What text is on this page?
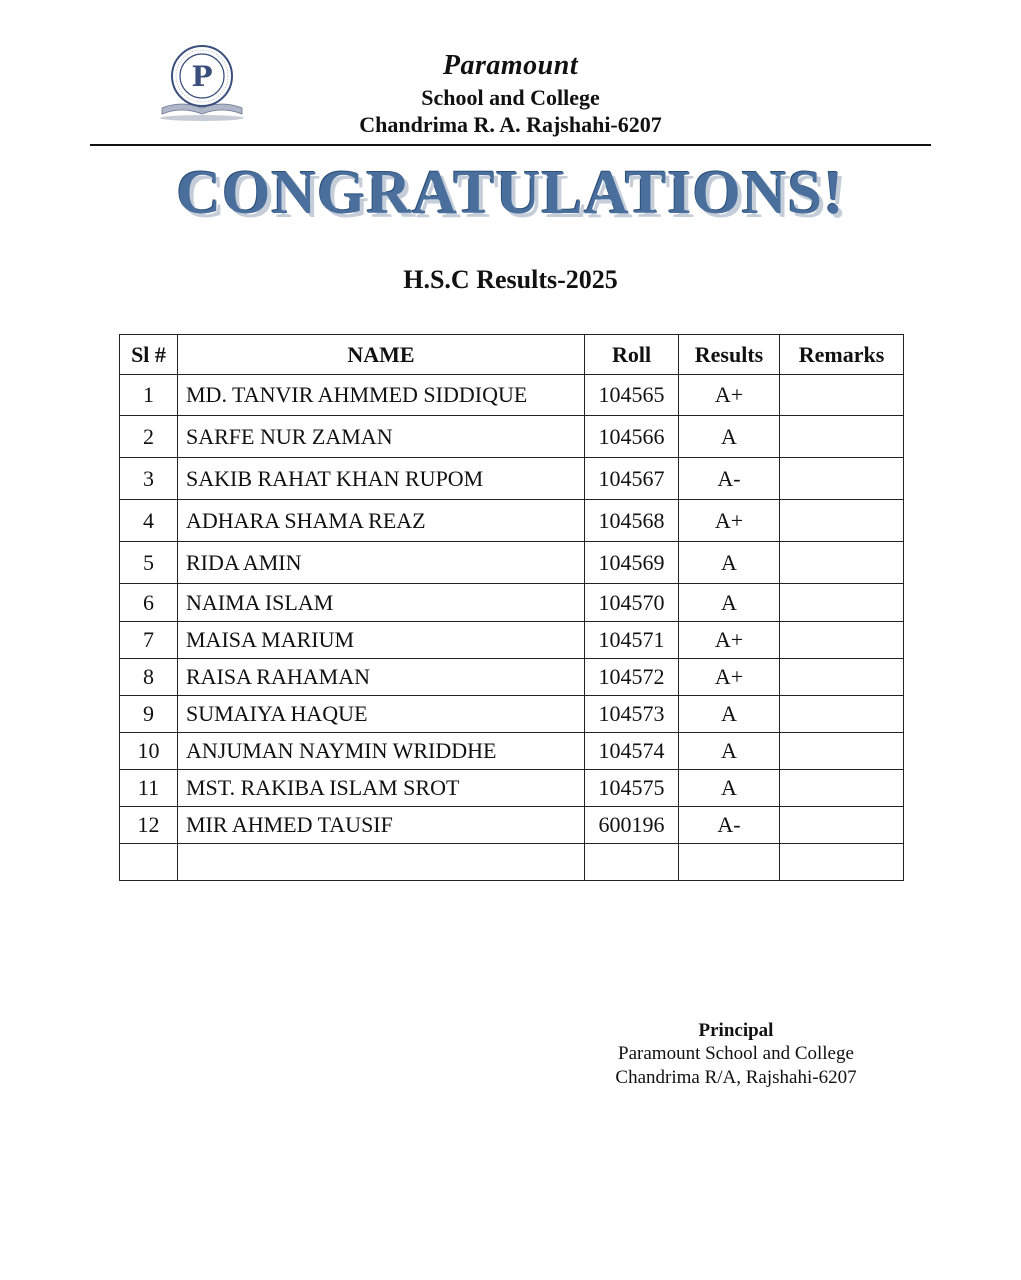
P	Paramount
School and College
Chandrima R. A. Rajshahi-6207
CONGRATULATIONS!
H.S.C Results-2025
Sl #	NAME	Roll	Results	Remarks
1	MD. TANVIR AHMMED SIDDIQUE	104565	A+	
2	SARFE NUR ZAMAN	104566	A	
3	SAKIB RAHAT KHAN RUPOM	104567	A-	
4	ADHARA SHAMA REAZ	104568	A+	
5	RIDA AMIN	104569	A	
6	NAIMA ISLAM	104570	A	
7	MAISA MARIUM	104571	A+	
8	RAISA RAHAMAN	104572	A+	
9	SUMAIYA HAQUE	104573	A	
10	ANJUMAN NAYMIN WRIDDHE	104574	A	
11	MST. RAKIBA ISLAM SROT	104575	A	
12	MIR AHMED TAUSIF	600196	A-	

Principal
Paramount School and College
Chandrima R/A, Rajshahi-6207
